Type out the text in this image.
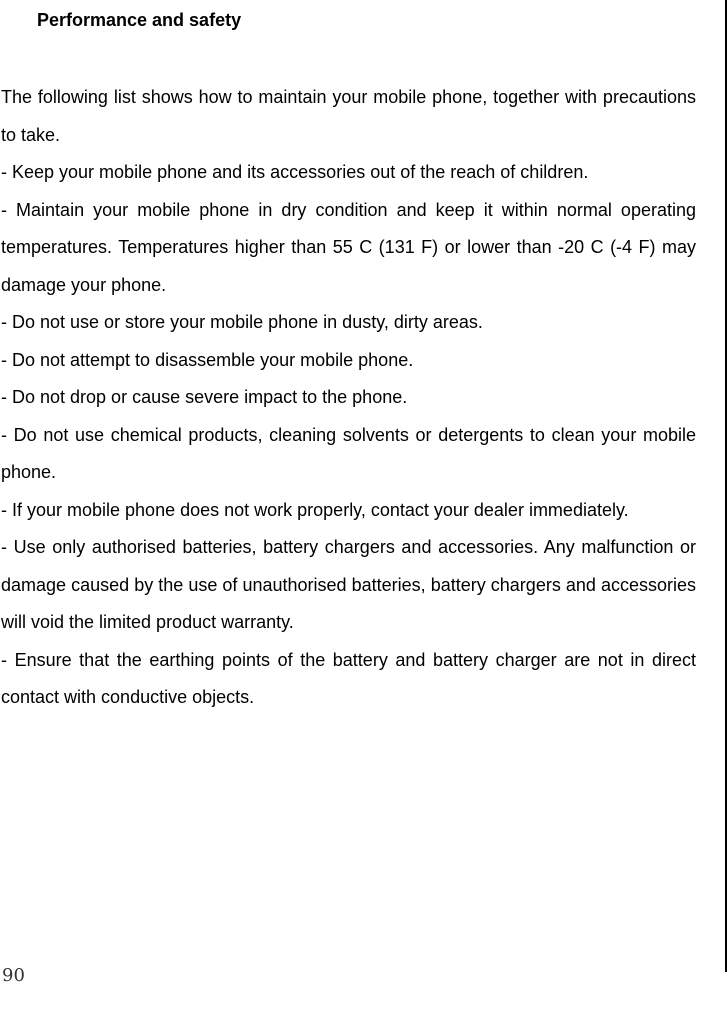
Performance and safety

The following list shows how to maintain your mobile phone, together with precautions to take.

- Keep your mobile phone and its accessories out of the reach of children.

- Maintain your mobile phone in dry condition and keep it within normal operating temperatures. Temperatures higher than 55 C (131 F) or lower than -20 C (-4 F) may damage your phone.

- Do not use or store your mobile phone in dusty, dirty areas.

- Do not attempt to disassemble your mobile phone.

- Do not drop or cause severe impact to the phone.

- Do not use chemical products, cleaning solvents or detergents to clean your mobile phone.

- If your mobile phone does not work properly, contact your dealer immediately.

- Use only authorised batteries, battery chargers and accessories. Any malfunction or damage caused by the use of unauthorised batteries, battery chargers and accessories will void the limited product warranty.

- Ensure that the earthing points of the battery and battery charger are not in direct contact with conductive objects.

90
